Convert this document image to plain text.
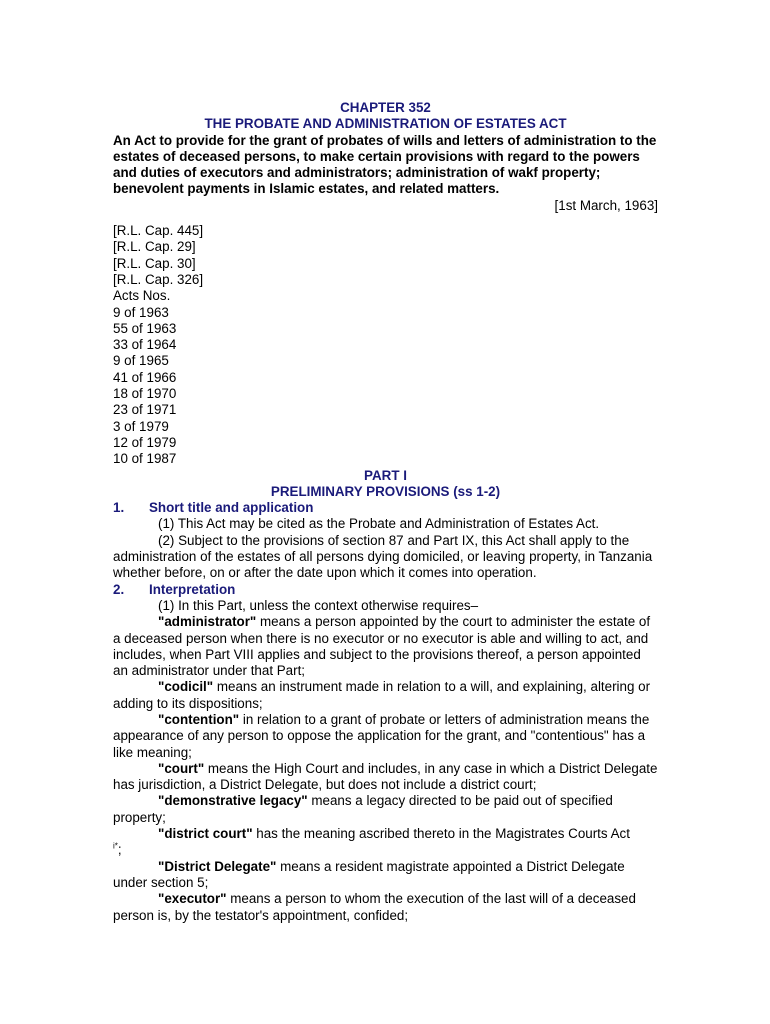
CHAPTER 352
THE PROBATE AND ADMINISTRATION OF ESTATES ACT
An Act to provide for the grant of probates of wills and letters of administration to the estates of deceased persons, to make certain provisions with regard to the powers and duties of executors and administrators; administration of wakf property; benevolent payments in Islamic estates, and related matters.
[1st March, 1963]
[R.L. Cap. 445]
[R.L. Cap. 29]
[R.L. Cap. 30]
[R.L. Cap. 326]
Acts Nos.
9 of 1963
55 of 1963
33 of 1964
9 of 1965
41 of 1966
18 of 1970
23 of 1971
3 of 1979
12 of 1979
10 of 1987
PART I
PRELIMINARY PROVISIONS (ss 1-2)
1. Short title and application
(1) This Act may be cited as the Probate and Administration of Estates Act.
(2) Subject to the provisions of section 87 and Part IX, this Act shall apply to the administration of the estates of all persons dying domiciled, or leaving property, in Tanzania whether before, on or after the date upon which it comes into operation.
2. Interpretation
(1) In this Part, unless the context otherwise requires–
"administrator" means a person appointed by the court to administer the estate of a deceased person when there is no executor or no executor is able and willing to act, and includes, when Part VIII applies and subject to the provisions thereof, a person appointed an administrator under that Part;
"codicil" means an instrument made in relation to a will, and explaining, altering or adding to its dispositions;
"contention" in relation to a grant of probate or letters of administration means the appearance of any person to oppose the application for the grant, and "contentious" has a like meaning;
"court" means the High Court and includes, in any case in which a District Delegate has jurisdiction, a District Delegate, but does not include a district court;
"demonstrative legacy" means a legacy directed to be paid out of specified property;
"district court" has the meaning ascribed thereto in the Magistrates Courts Act
$^{i*}$;
"District Delegate" means a resident magistrate appointed a District Delegate under section 5;
"executor" means a person to whom the execution of the last will of a deceased person is, by the testator's appointment, confided;
